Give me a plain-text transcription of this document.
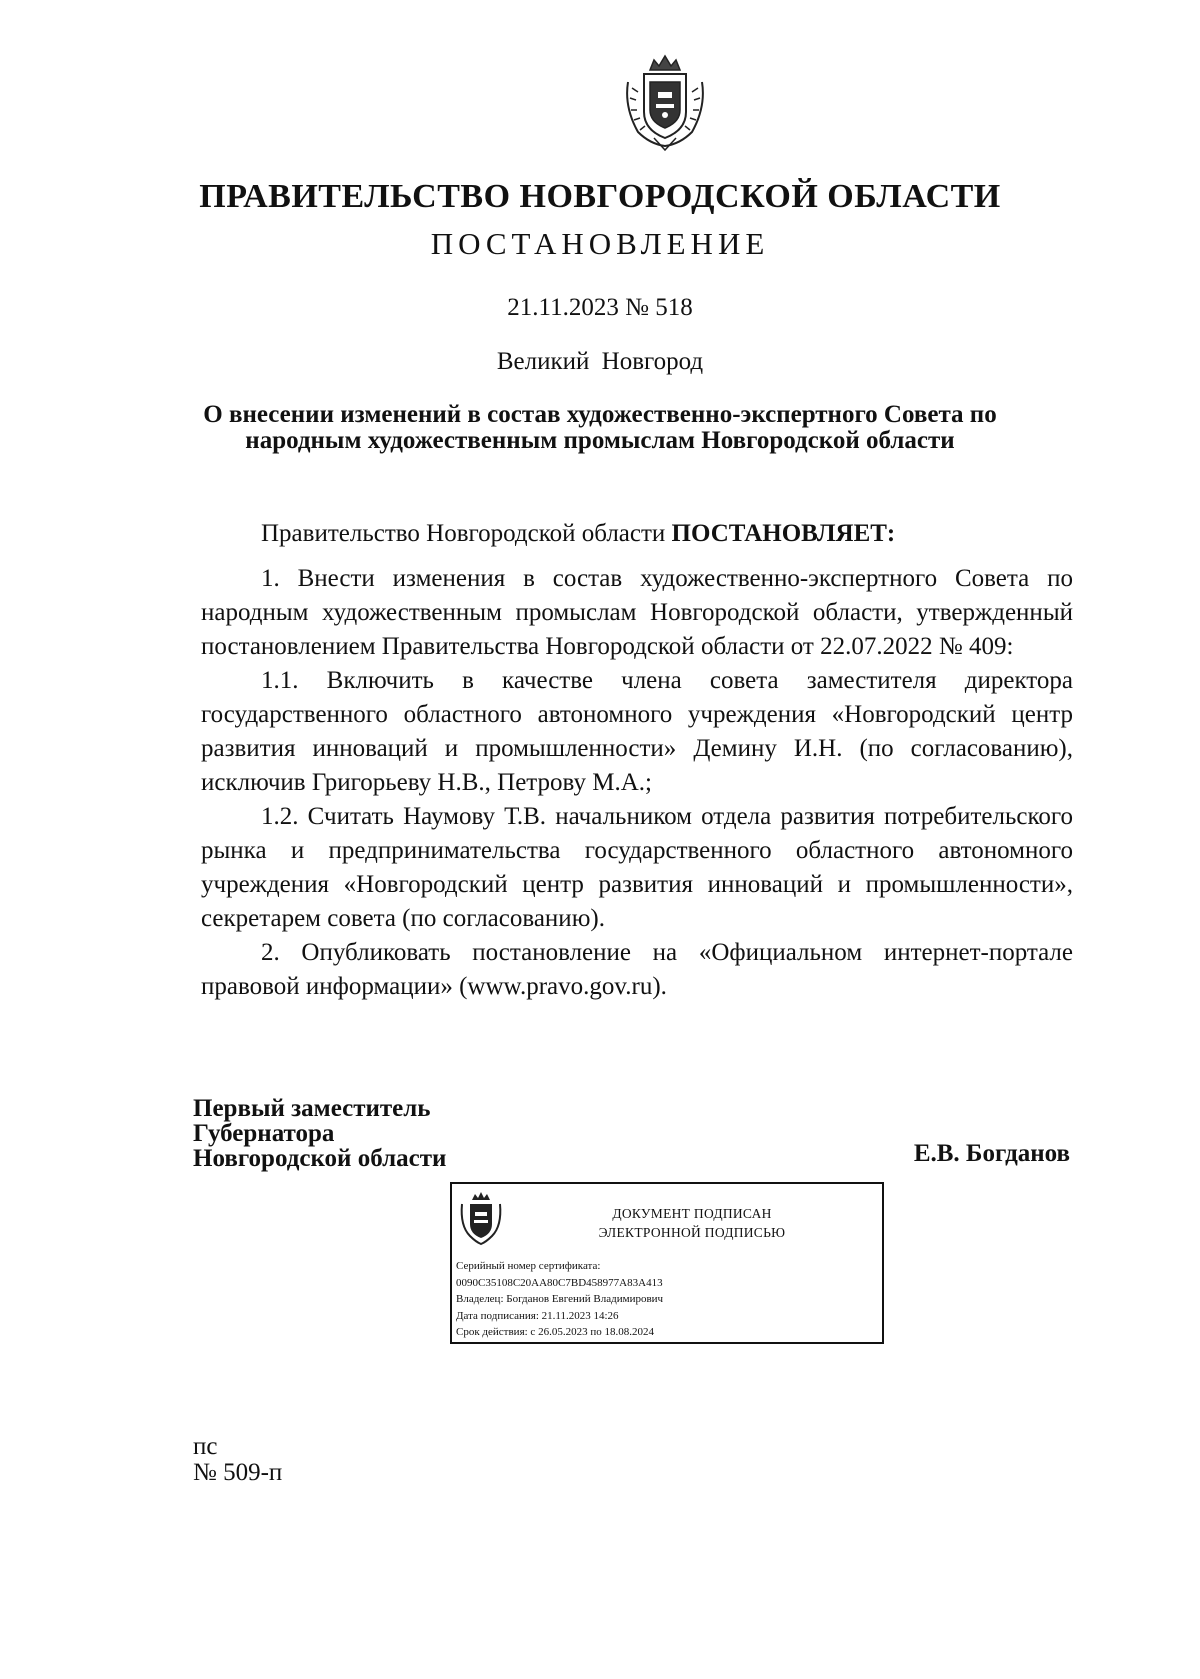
ПРАВИТЕЛЬСТВО НОВГОРОДСКОЙ ОБЛАСТИ
ПОСТАНОВЛЕНИЕ
21.11.2023 № 518
Великий Новгород
О внесении изменений в состав художественно-экспертного Совета по народным художественным промыслам Новгородской области

Правительство Новгородской области ПОСТАНОВЛЯЕТ:

1. Внести изменения в состав художественно-экспертного Совета по народным художественным промыслам Новгородской области, утвержденный постановлением Правительства Новгородской области от 22.07.2022 № 409:

1.1. Включить в качестве члена совета заместителя директора государственного областного автономного учреждения «Новгородский центр развития инноваций и промышленности» Демину И.Н. (по согласованию), исключив Григорьеву Н.В., Петрову М.А.;

1.2. Считать Наумову Т.В. начальником отдела развития потребительского рынка и предпринимательства государственного областного автономного учреждения «Новгородский центр развития инноваций и промышленности», секретарем совета (по согласованию).

2. Опубликовать постановление на «Официальном интернет-портале правовой информации» (www.pravo.gov.ru).

Первый заместитель
Губернатора
Новгородской области	Е.В. Богданов
ДОКУМЕНТ ПОДПИСАН
ЭЛЕКТРОННОЙ ПОДПИСЬЮ
Серийный номер сертификата:
0090C35108C20AA80C7BD458977A83A413
Владелец: Богданов Евгений Владимирович
Дата подписания: 21.11.2023 14:26
Срок действия: с 26.05.2023 по 18.08.2024
пс
№ 509-п
